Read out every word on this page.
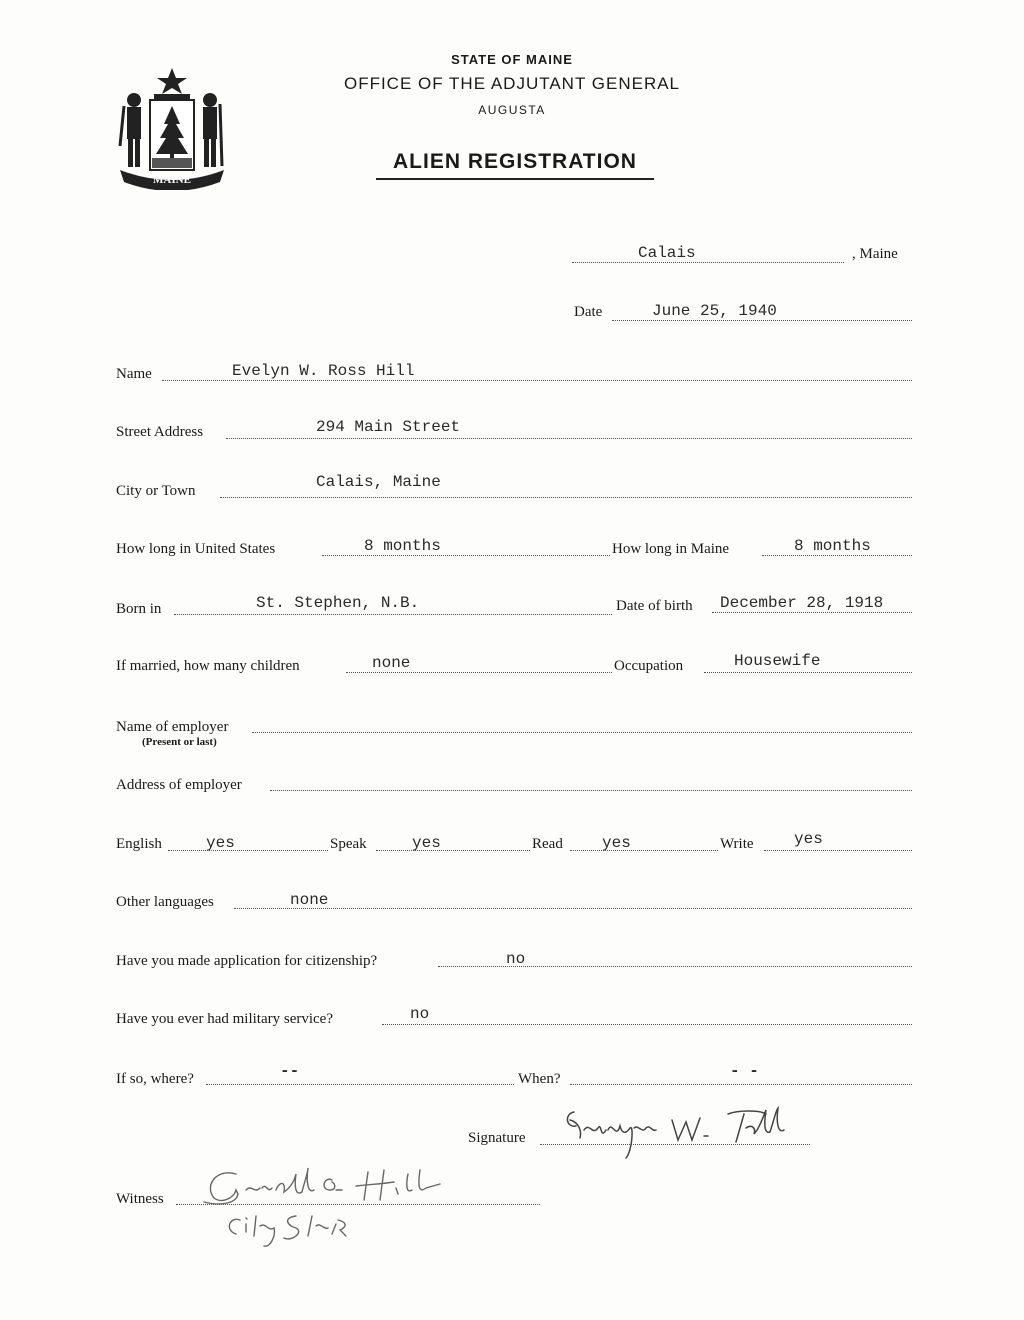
STATE OF MAINE
OFFICE OF THE ADJUTANT GENERAL
AUGUSTA
ALIEN REGISTRATION
MAINE
Calais	, Maine
Date	June 25, 1940
Name	Evelyn W. Ross Hill
Street Address	294 Main Street
City or Town	Calais, Maine
How long in United States	8 months	How long in Maine	8 months
Born in	St. Stephen, N.B.	Date of birth December 28, 1918
If married, how many children	none	Occupation	Housewife
Name of employer
(Present or last)
Address of employer
English	yes	Speak	yes	Read yes	Write	yes
Other languages	none
Have you made application for citizenship?	no
Have you ever had military service?	no
If so, where?	--	When?	- -
Signature
Witness
